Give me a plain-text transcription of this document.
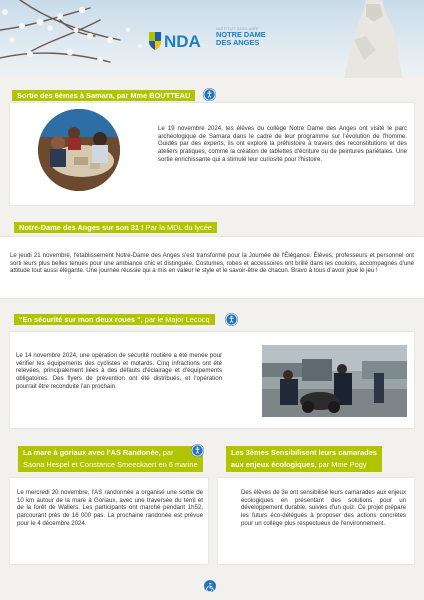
NDA
INSTITUT SCOLAIRE
NOTRE DAME
DES ANGES
Sortie des 6èmes à Samara, par Mme BOUTTEAU
Le 19 novembre 2024, les élèves du collège Notre Dame des Anges ont visité le parc archéologique de Samara dans le cadre de leur programme sur l'évolution de l'homme. Guidés par des experts, ils ont exploré la préhistoire à travers des reconstitutions et des ateliers pratiques, comme la création de tablettes d'écriture ou de peintures pariétales. Une sortie enrichissante qui a stimulé leur curiosité pour l'histoire.
Notre-Dame des Anges sur son 31 ! Par la MDL du lycée
Le jeudi 21 novembre, l'établissement Notre-Dame des Anges s'est transformé pour la Journée de l'Élégance. Élèves, professeurs et personnel ont sorti leurs plus belles tenues pour une ambiance chic et distinguée. Costumes, robes et accessoires ont brillé dans les couloirs, accompagnés d'une attitude tout aussi élégante. Une journée réussie qui a mis en valeur le style et le savoir-être de chacun. Bravo à tous d'avoir joué le jeu !
"En sécurité sur mon deux roues ", par le Major Lecocq
Le 14 novembre 2024, une opération de sécurité routière a été menée pour vérifier les équipements des cyclistes et motards. Cinq infractions ont été relevées, principalement liées à des défauts d'éclairage et d'équipements obligatoires. Des flyers de prévention ont été distribués, et l'opération pourrait être reconduite l'an prochain.
La mare à goriaux avec l'AS Randonée, par
Saona Hespel et Constance Smeeckaert en 6 marine
Le mercredi 20 novembre, l'AS randonnée a organisé une sortie de 10 km autour de la mare à Goriaux, avec une traversée du terril et de la forêt de Wallers. Les participants ont marché pendant 1h52, parcourant près de 16 000 pas. La prochaine randonée est prévue pour le 4 décembre 2024.
Les 3èmes Sensibilisent leurs camarades
aux enjeux écologiques, par Mme Pogy
Des élèves de 3e ont sensibilisé leurs camarades aux enjeux écologiques en présentant des solutions pour un développement durable, suivies d'un quiz. Ce projet prépare les futurs éco-délégués à proposer des actions concrètes pour un collège plus respectueux de l'environnement.
